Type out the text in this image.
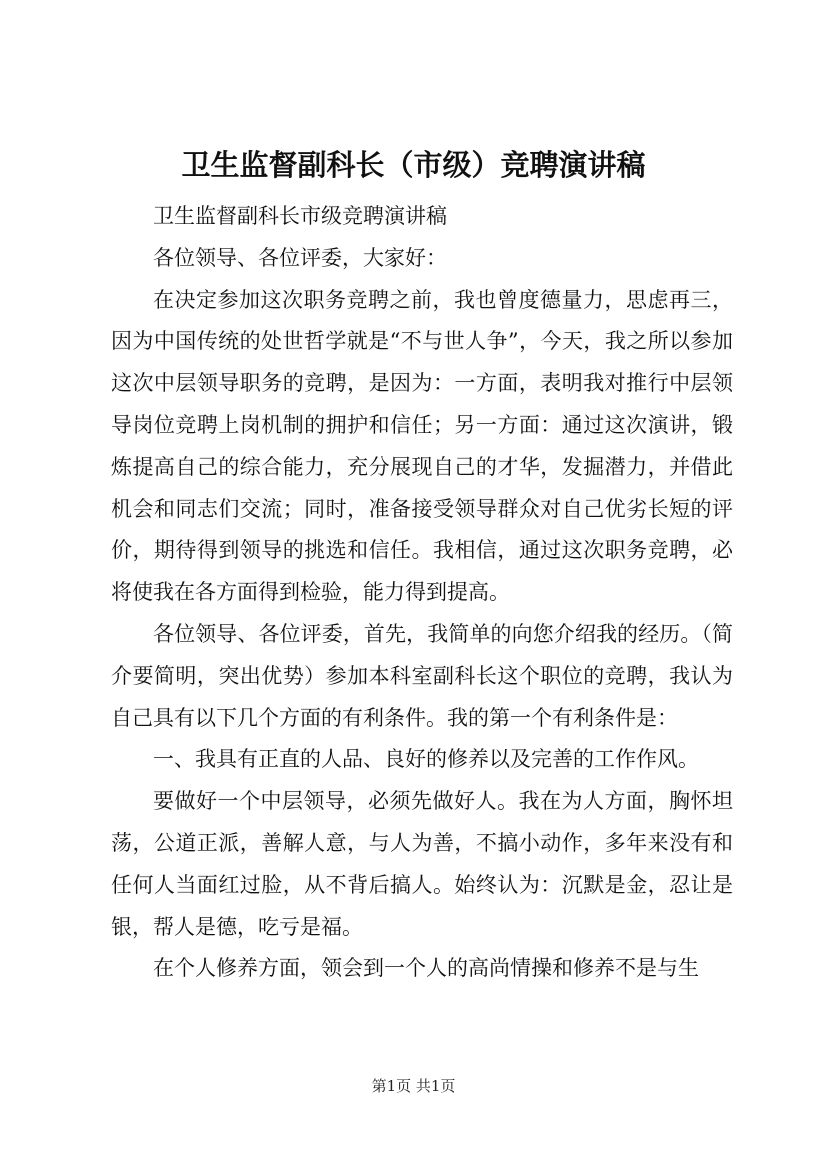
卫生监督副科长（市级）竞聘演讲稿

卫生监督副科长市级竞聘演讲稿

各位领导、各位评委，大家好：

在决定参加这次职务竞聘之前，我也曾度德量力，思虑再三，因为中国传统的处世哲学就是“不与世人争”，今天，我之所以参加这次中层领导职务的竞聘，是因为：一方面，表明我对推行中层领导岗位竞聘上岗机制的拥护和信任；另一方面：通过这次演讲，锻炼提高自己的综合能力，充分展现自己的才华，发掘潜力，并借此机会和同志们交流；同时，准备接受领导群众对自己优劣长短的评价，期待得到领导的挑选和信任。我相信，通过这次职务竞聘，必将使我在各方面得到检验，能力得到提高。

各位领导、各位评委，首先，我简单的向您介绍我的经历。（简介要简明，突出优势）参加本科室副科长这个职位的竞聘，我认为自己具有以下几个方面的有利条件。我的第一个有利条件是：

一、我具有正直的人品、良好的修养以及完善的工作作风。

要做好一个中层领导，必须先做好人。我在为人方面，胸怀坦荡，公道正派，善解人意，与人为善，不搞小动作，多年来没有和任何人当面红过脸，从不背后搞人。始终认为：沉默是金，忍让是银，帮人是德，吃亏是福。

在个人修养方面，领会到一个人的高尚情操和修养不是与生

第1页 共1页
